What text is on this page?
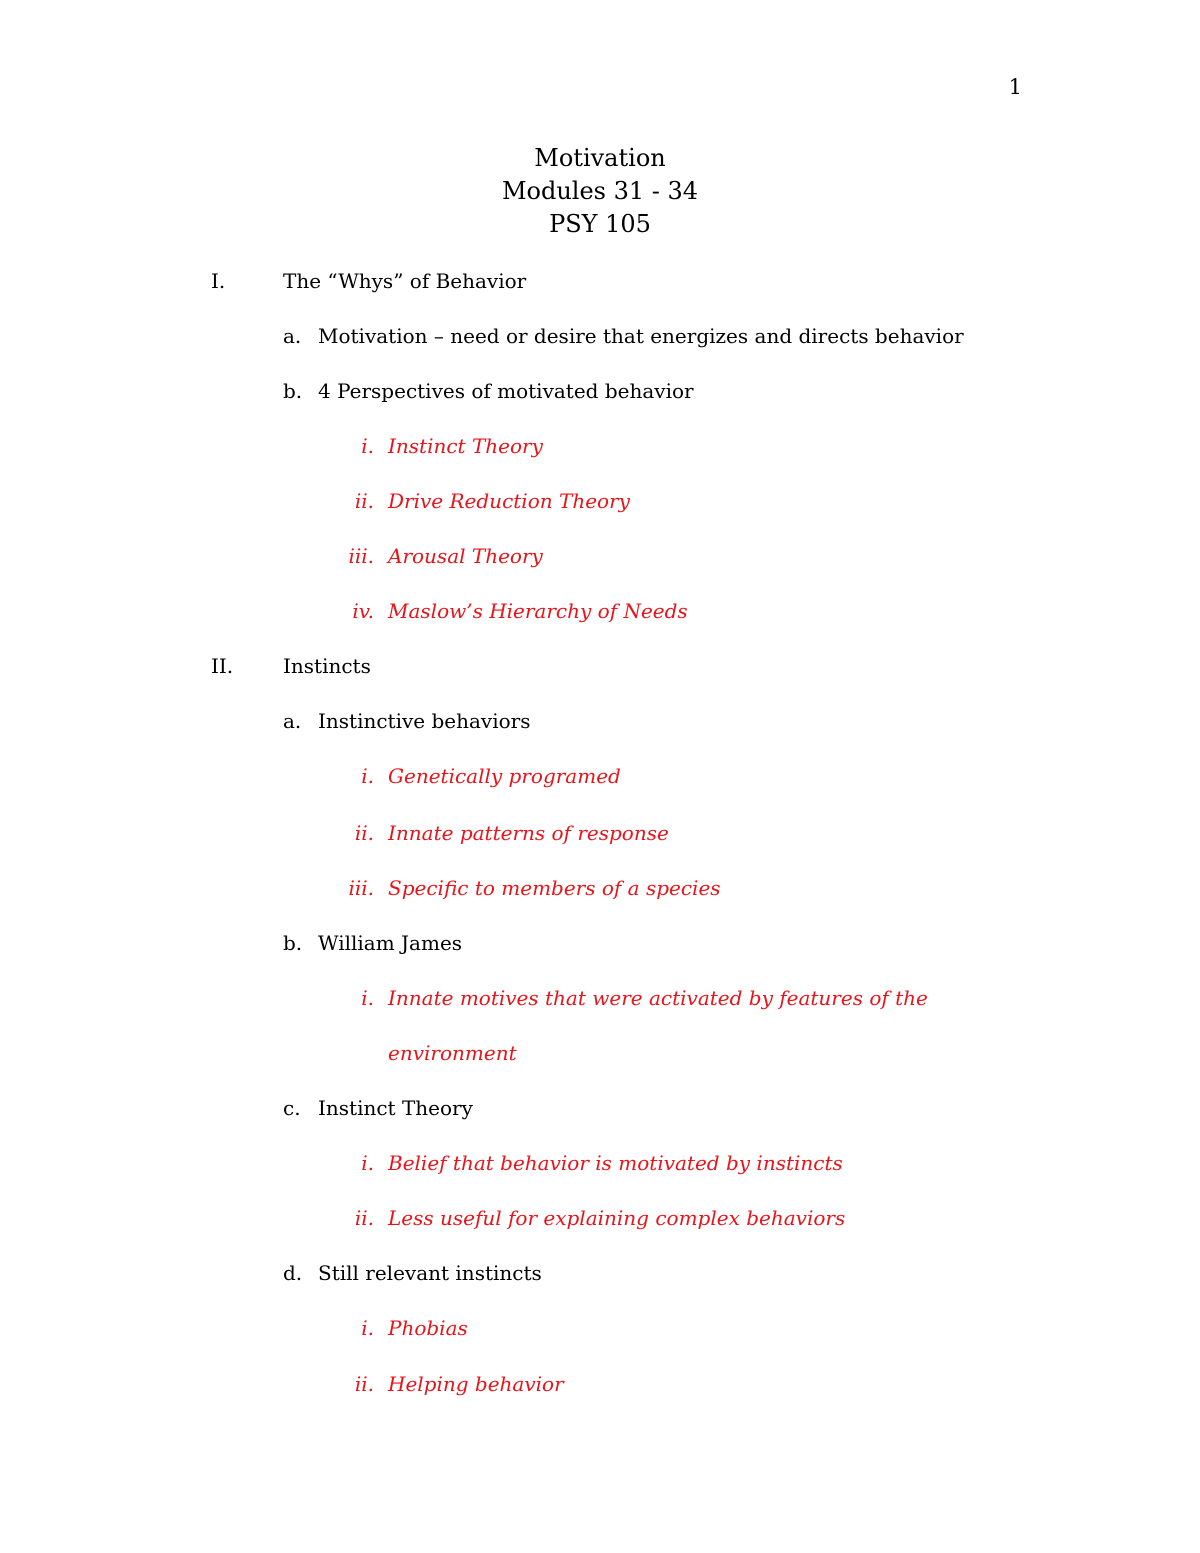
1
Motivation
Modules 31 - 34
PSY 105
I.	The “Whys” of Behavior
a. Motivation – need or desire that energizes and directs behavior
b. 4 Perspectives of motivated behavior
i. Instinct Theory
ii. Drive Reduction Theory
iii. Arousal Theory
iv. Maslow’s Hierarchy of Needs
II. Instincts
a. Instinctive behaviors
i. Genetically programed
ii. Innate patterns of response
iii. Specific to members of a species
b. William James
i. Innate motives that were activated by features of the
environment
c. Instinct Theory
i. Belief that behavior is motivated by instincts
ii. Less useful for explaining complex behaviors
d. Still relevant instincts
i. Phobias
ii. Helping behavior
